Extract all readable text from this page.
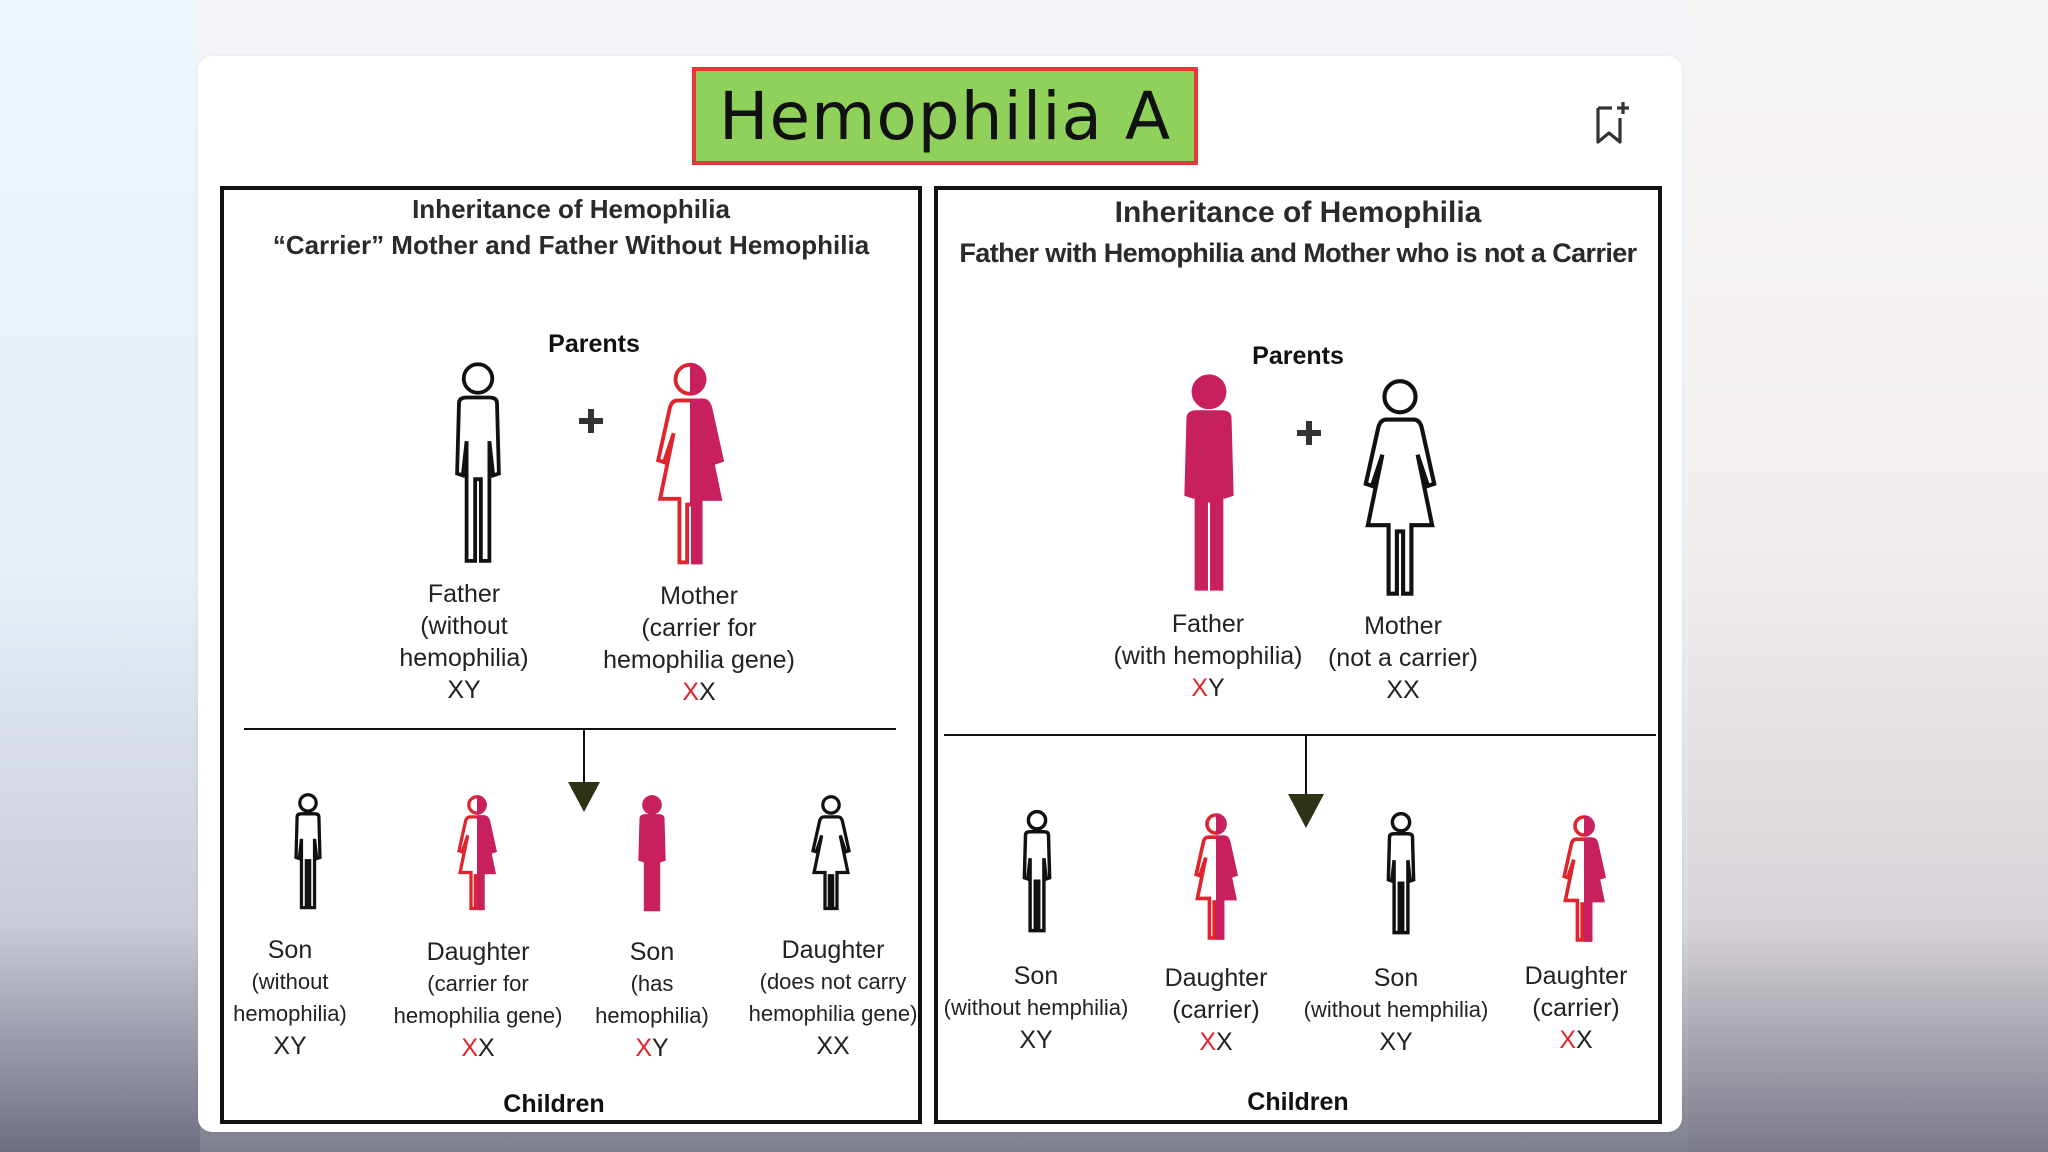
Hemophilia A
Inheritance of Hemophilia
“Carrier” Mother and Father Without Hemophilia
Parents
Father
(without
hemophilia)
XY
Mother
(carrier for
hemophilia gene)
XX
Son
(without
hemophilia)
XY
Daughter
(carrier for
hemophilia gene)
XX
Son
(has
hemophilia)
XY
Daughter
(does not carry
hemophilia gene)
XX
Children
Inheritance of Hemophilia
Father with Hemophilia and Mother who is not a Carrier
Parents
Father
(with hemophilia)
XY
Mother
(not a carrier)
XX
Son
(without hemphilia)
XY
Daughter
(carrier)
XX
Son
(without hemphilia)
XY
Daughter
(carrier)
XX
Children
